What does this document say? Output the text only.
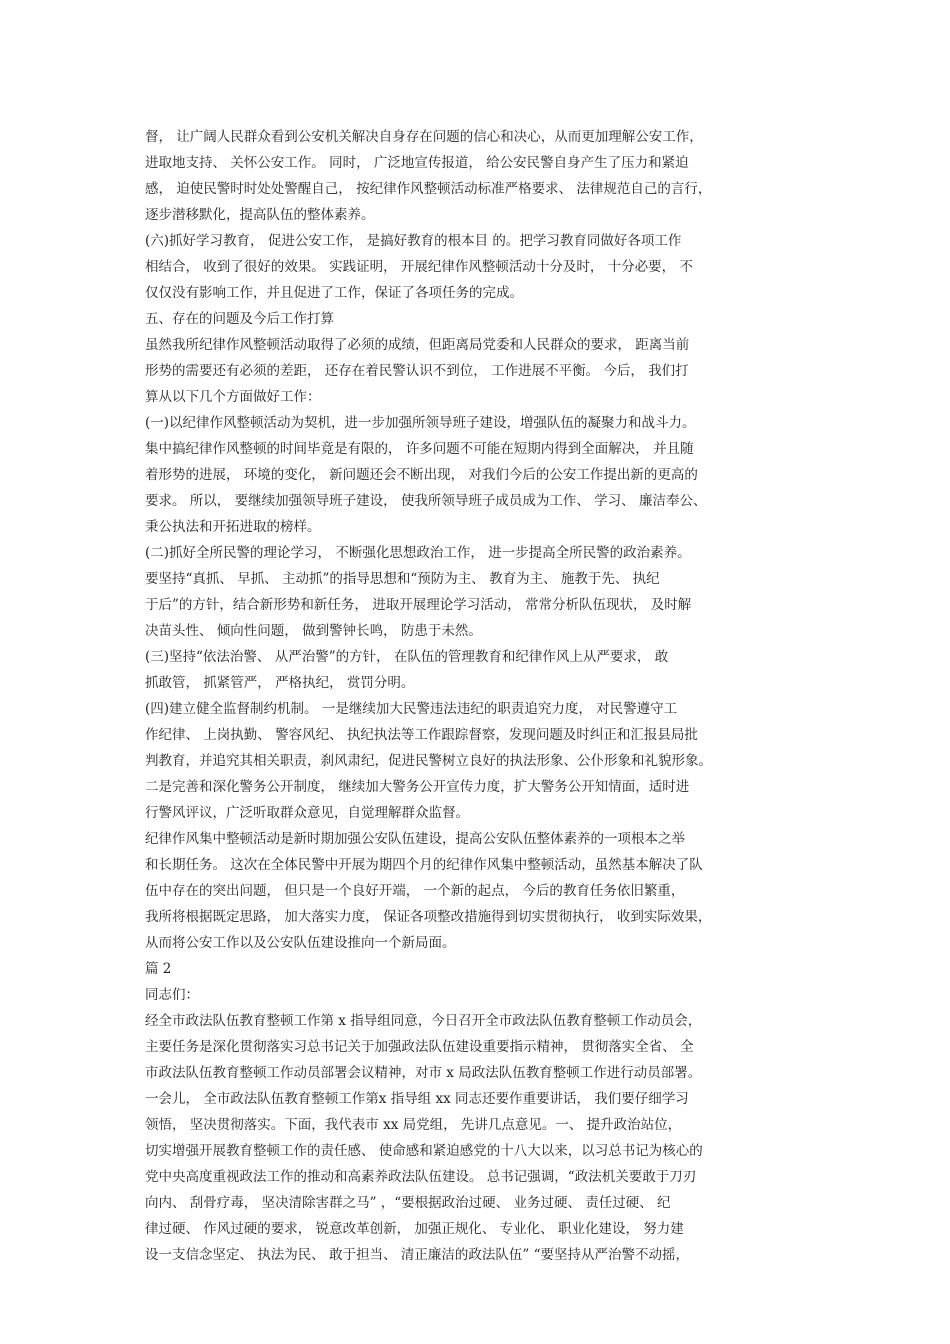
督， 让广阔人民群众看到公安机关解决自身存在问题的信心和决心，从而更加理解公安工作，
进取地支持、 关怀公安工作。 同时， 广泛地宣传报道， 给公安民警自身产生了压力和紧迫
感， 迫使民警时时处处警醒自己， 按纪律作风整顿活动标准严格要求、 法律规范自己的言行，
逐步潜移默化，提高队伍的整体素养。
(六)抓好学习教育， 促进公安工作， 是搞好教育的根本目 的。把学习教育同做好各项工作
相结合， 收到了很好的效果。 实践证明， 开展纪律作风整顿活动十分及时， 十分必要， 不
仅仅没有影响工作，并且促进了工作，保证了各项任务的完成。
五、存在的问题及今后工作打算
虽然我所纪律作风整顿活动取得了必须的成绩，但距离局党委和人民群众的要求， 距离当前
形势的需要还有必须的差距， 还存在着民警认识不到位， 工作进展不平衡。 今后， 我们打
算从以下几个方面做好工作：
(一)以纪律作风整顿活动为契机，进一步加强所领导班子建设，增强队伍的凝聚力和战斗力。
集中搞纪律作风整顿的时间毕竟是有限的， 许多问题不可能在短期内得到全面解决， 并且随
着形势的进展， 环境的变化， 新问题还会不断出现， 对我们今后的公安工作提出新的更高的
要求。 所以， 要继续加强领导班子建设， 使我所领导班子成员成为工作、 学习、 廉洁奉公、
秉公执法和开拓进取的榜样。
(二)抓好全所民警的理论学习， 不断强化思想政治工作， 进一步提高全所民警的政治素养。
要坚持“真抓、 早抓、 主动抓”的指导思想和“预防为主、 教育为主、 施教于先、 执纪
于后”的方针，结合新形势和新任务， 进取开展理论学习活动， 常常分析队伍现状， 及时解
决苗头性、 倾向性问题， 做到警钟长鸣， 防患于未然。
(三)坚持“依法治警、 从严治警”的方针， 在队伍的管理教育和纪律作风上从严要求， 敢
抓敢管， 抓紧管严， 严格执纪， 赏罚分明。
(四)建立健全监督制约机制。 一是继续加大民警违法违纪的职责追究力度， 对民警遵守工
作纪律、 上岗执勤、 警容风纪、 执纪执法等工作跟踪督察，发现问题及时纠正和汇报县局批
判教育，并追究其相关职责，刹风肃纪，促进民警树立良好的执法形象、公仆形象和礼貌形象。
二是完善和深化警务公开制度， 继续加大警务公开宣传力度，扩大警务公开知情面，适时进
行警风评议，广泛听取群众意见，自觉理解群众监督。
纪律作风集中整顿活动是新时期加强公安队伍建设，提高公安队伍整体素养的一项根本之举
和长期任务。 这次在全体民警中开展为期四个月的纪律作风集中整顿活动，虽然基本解决了队
伍中存在的突出问题， 但只是一个良好开端， 一个新的起点， 今后的教育任务依旧繁重，
我所将根据既定思路， 加大落实力度， 保证各项整改措施得到切实贯彻执行， 收到实际效果，
从而将公安工作以及公安队伍建设推向一个新局面。
篇 2
同志们：
经全市政法队伍教育整顿工作第 x 指导组同意，今日召开全市政法队伍教育整顿工作动员会，
主要任务是深化贯彻落实习总书记关于加强政法队伍建设重要指示精神， 贯彻落实全省、 全
市政法队伍教育整顿工作动员部署会议精神，对市 x 局政法队伍教育整顿工作进行动员部署。
一会儿， 全市政法队伍教育整顿工作第x 指导组 xx 同志还要作重要讲话， 我们要仔细学习
领悟， 坚决贯彻落实。下面，我代表市 xx 局党组， 先讲几点意见。一、 提升政治站位，
切实增强开展教育整顿工作的责任感、 使命感和紧迫感党的十八大以来，以习总书记为核心的
党中央高度重视政法工作的推动和高素养政法队伍建设。 总书记强调，“政法机关要敢于刀刃
向内、 刮骨疗毒， 坚决清除害群之马” ，“要根据政治过硬、 业务过硬、 责任过硬、 纪
律过硬、 作风过硬的要求， 锐意改革创新， 加强正规化、 专业化、 职业化建设， 努力建
设一支信念坚定、 执法为民、 敢于担当、 清正廉洁的政法队伍” “要坚持从严治警不动摇，
